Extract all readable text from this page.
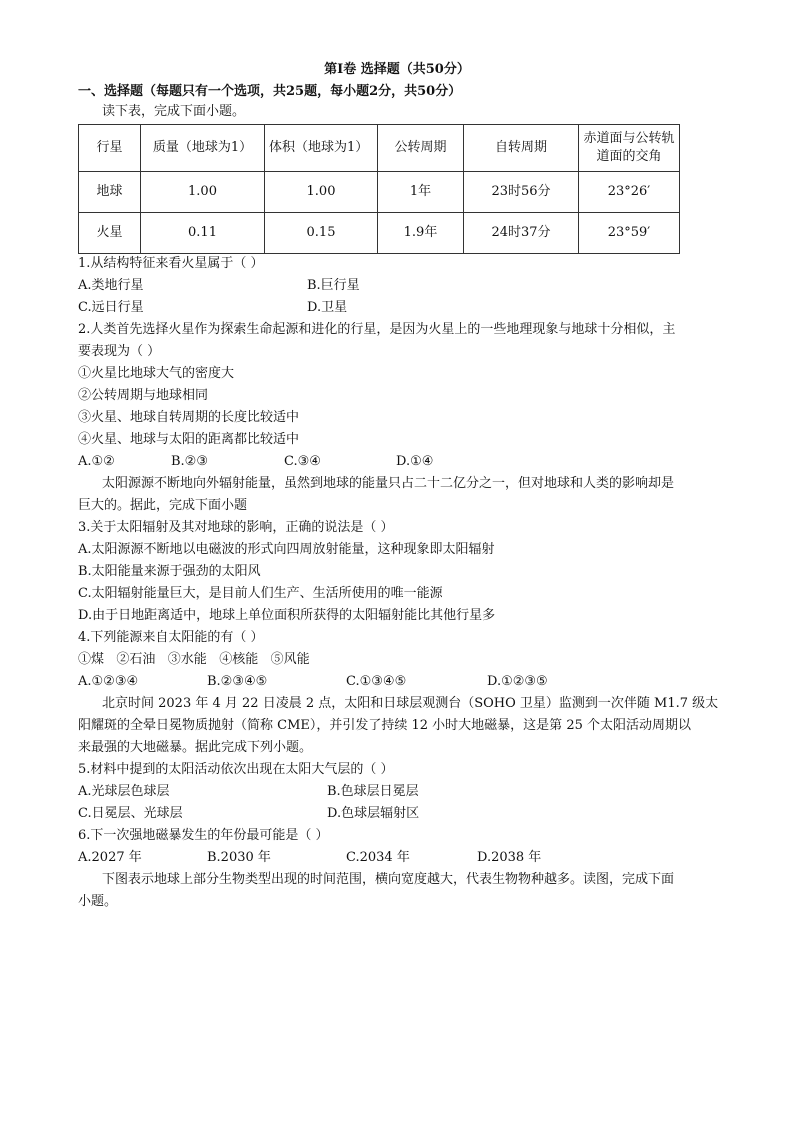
第I卷 选择题（共50分）
一、选择题（每题只有一个选项，共25题，每小题2分，共50分）
读下表，完成下面小题。
行星	质量（地球为1）	体积（地球为1）	公转周期	自转周期	赤道面与公转轨道面的交角
地球	1.00	1.00	1年	23时56分	23°26′
火星	0.11	0.15	1.9年	24时37分	23°59′
1.从结构特征来看火星属于（ ）
A.类地行星	B.巨行星
C.远日行星	D.卫星
2.人类首先选择火星作为探索生命起源和进化的行星，是因为火星上的一些地理现象与地球十分相似，主
要表现为（ ）
①火星比地球大气的密度大
②公转周期与地球相同
③火星、地球自转周期的长度比较适中
④火星、地球与太阳的距离都比较适中
A.①②	B.②③	C.③④	D.①④
太阳源源不断地向外辐射能量，虽然到地球的能量只占二十二亿分之一，但对地球和人类的影响却是
巨大的。据此，完成下面小题
3.关于太阳辐射及其对地球的影响，正确的说法是（ ）
A.太阳源源不断地以电磁波的形式向四周放射能量，这种现象即太阳辐射
B.太阳能量来源于强劲的太阳风
C.太阳辐射能量巨大，是目前人们生产、生活所使用的唯一能源
D.由于日地距离适中，地球上单位面积所获得的太阳辐射能比其他行星多
4.下列能源来自太阳能的有（ ）
①煤   ②石油   ③水能   ④核能   ⑤风能
A.①②③④	B.②③④⑤	C.①③④⑤	D.①②③⑤
北京时间 2023 年 4 月 22 日凌晨 2 点，太阳和日球层观测台（SOHO 卫星）监测到一次伴随 M1.7 级太
阳耀斑的全晕日冕物质抛射（简称 CME），并引发了持续 12 小时大地磁暴，这是第 25 个太阳活动周期以
来最强的大地磁暴。据此完成下列小题。
5.材料中提到的太阳活动依次出现在太阳大气层的（ ）
A.光球层色球层	B.色球层日冕层
C.日冕层、光球层	D.色球层辐射区
6.下一次强地磁暴发生的年份最可能是（ ）
A.2027 年	B.2030 年	C.2034 年	D.2038 年
下图表示地球上部分生物类型出现的时间范围，横向宽度越大，代表生物物种越多。读图，完成下面
小题。
